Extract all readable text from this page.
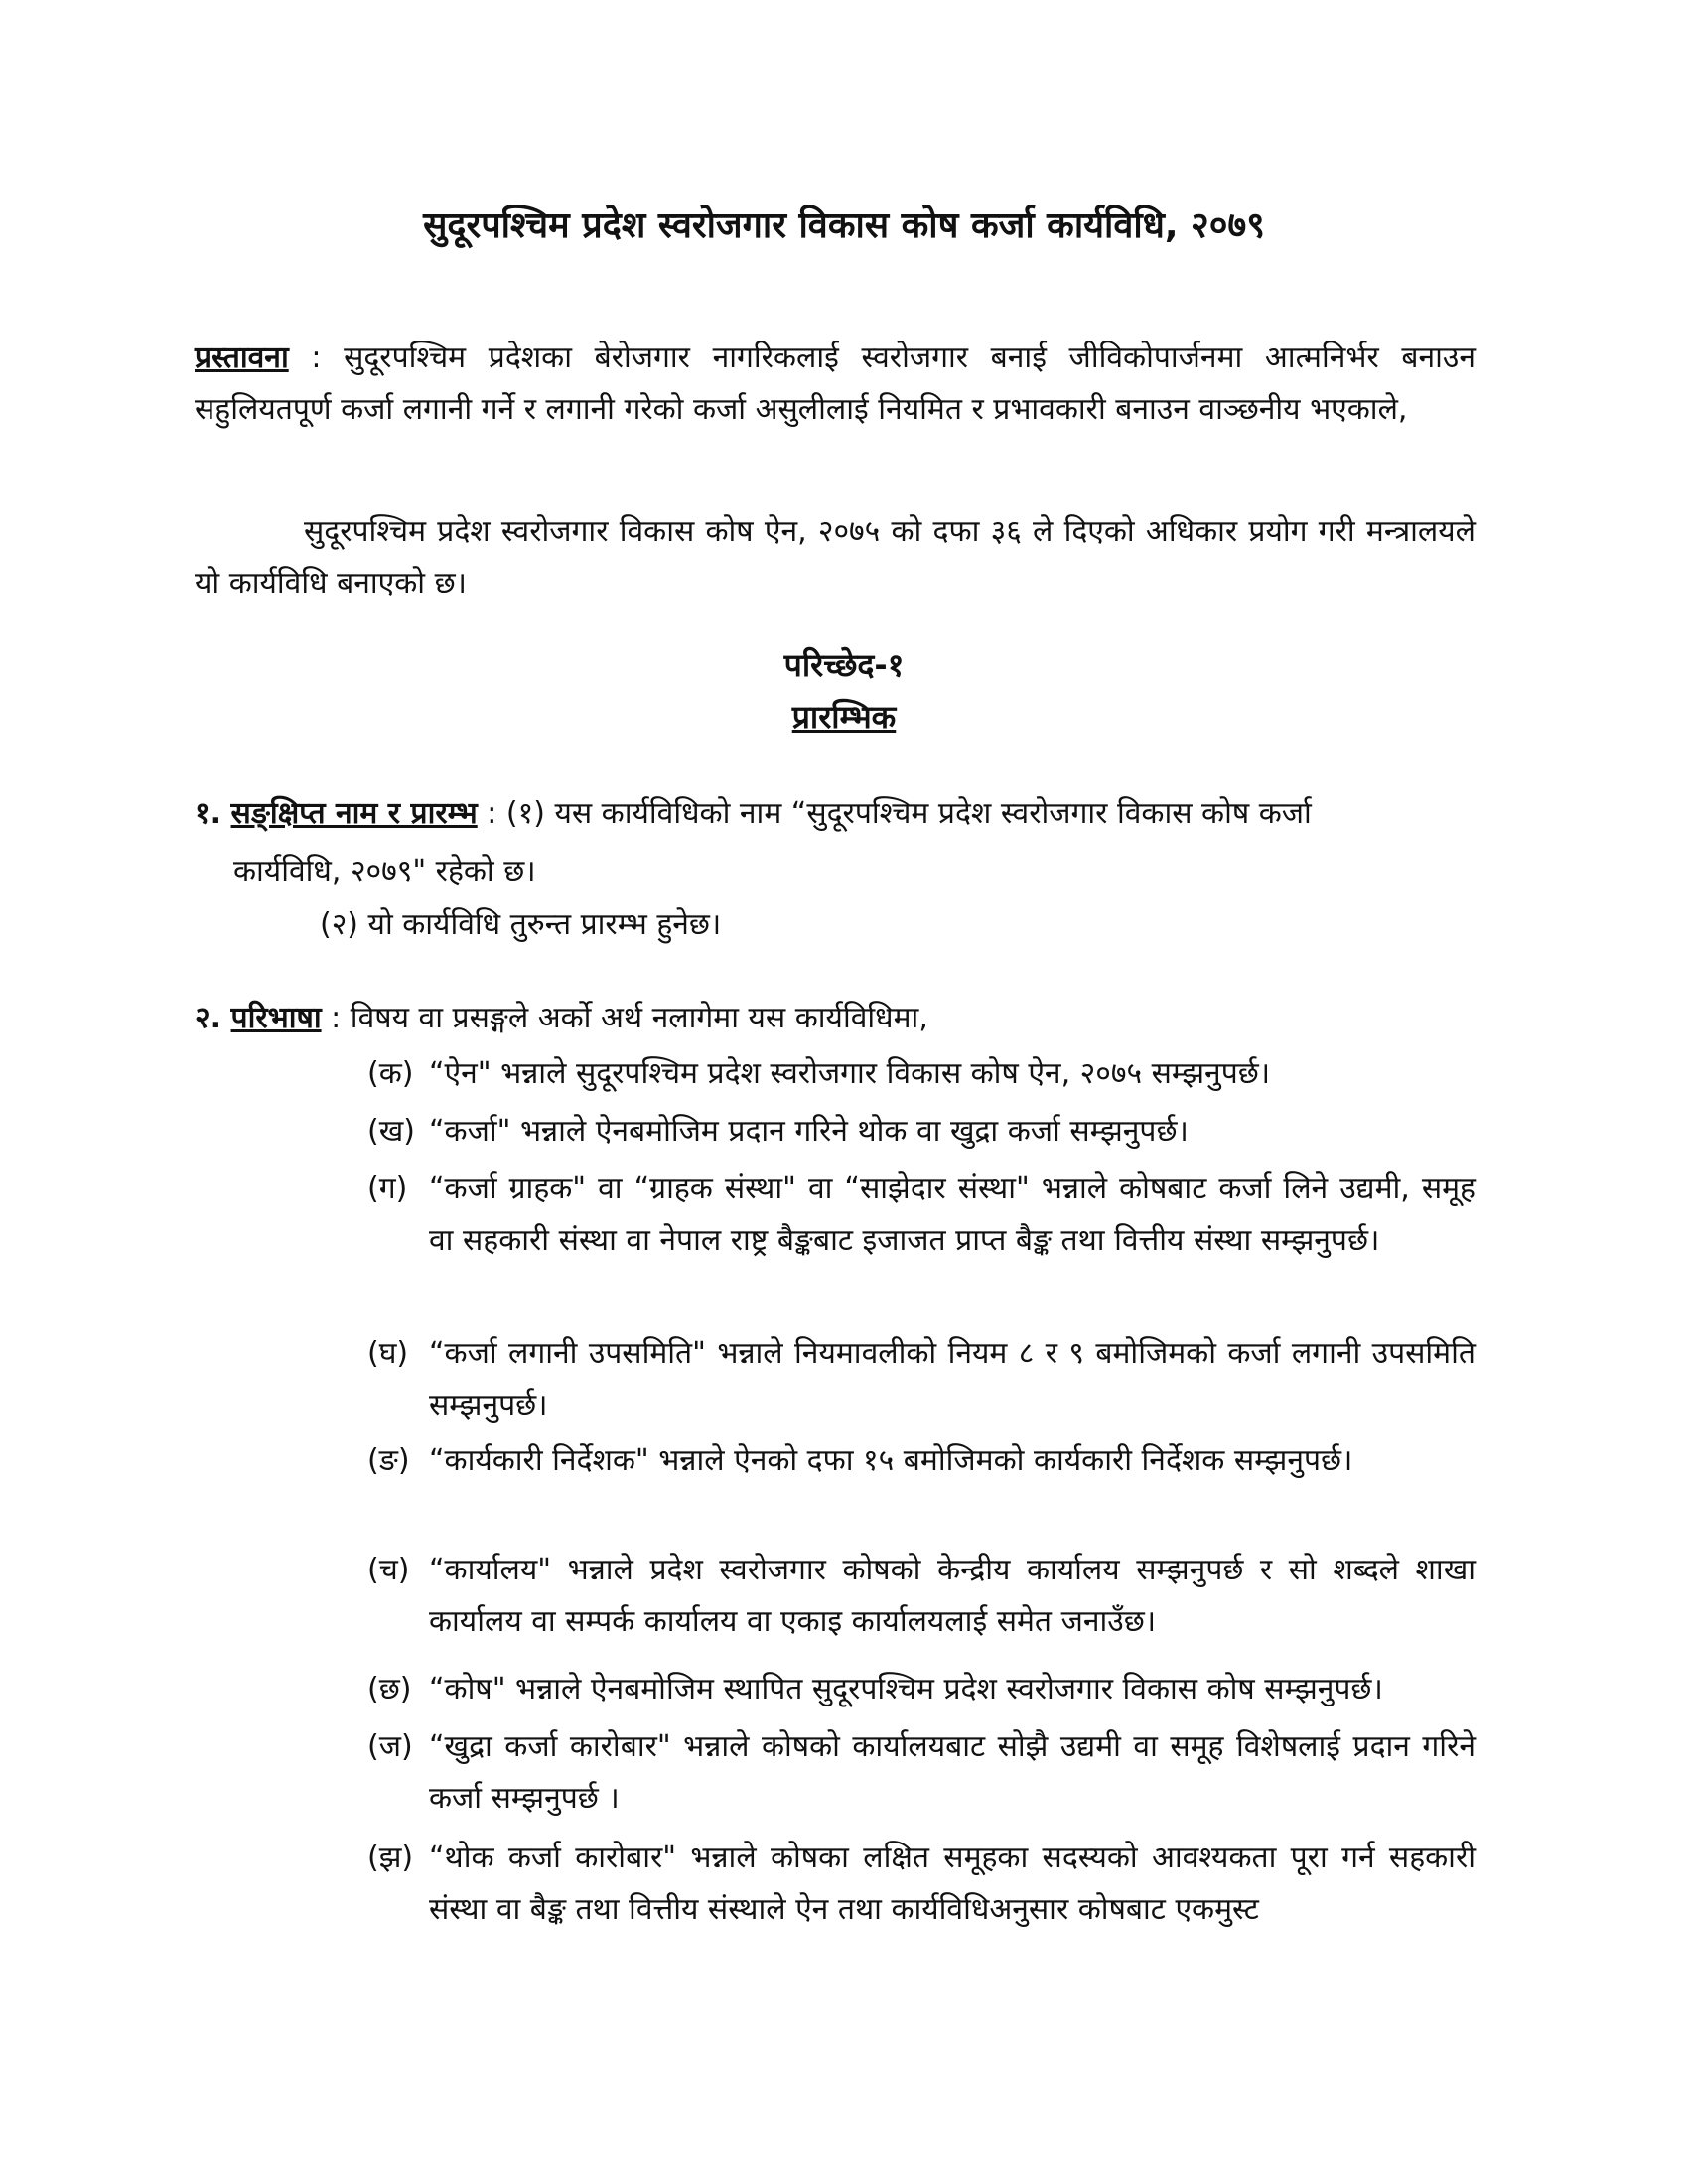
सुदूरपश्चिम प्रदेश स्वरोजगार विकास कोष कर्जा कार्यविधि, २०७९
प्रस्तावना : सुदूरपश्चिम प्रदेशका बेरोजगार नागरिकलाई स्वरोजगार बनाई जीविकोपार्जनमा आत्मनिर्भर बनाउन सहुलियतपूर्ण कर्जा लगानी गर्ने र लगानी गरेको कर्जा असुलीलाई नियमित र प्रभावकारी बनाउन वाञ्छनीय भएकाले,
सुदूरपश्चिम प्रदेश स्वरोजगार विकास कोष ऐन, २०७५ को दफा ३६ ले दिएको अधिकार प्रयोग गरी मन्त्रालयले यो कार्यविधि बनाएको छ।
परिच्छेद-१
प्रारम्भिक
१. सङ्क्षिप्त नाम र प्रारम्भ : (१) यस कार्यविधिको नाम “सुदूरपश्चिम प्रदेश स्वरोजगार विकास कोष कर्जा
कार्यविधि, २०७९" रहेको छ।
(२) यो कार्यविधि तुरुन्त प्रारम्भ हुनेछ।
२. परिभाषा : विषय वा प्रसङ्गले अर्को अर्थ नलागेमा यस कार्यविधिमा,
(क) “ऐन" भन्नाले सुदूरपश्चिम प्रदेश स्वरोजगार विकास कोष ऐन, २०७५ सम्झनुपर्छ।
(ख) “कर्जा" भन्नाले ऐनबमोजिम प्रदान गरिने थोक वा खुद्रा कर्जा सम्झनुपर्छ।
(ग) “कर्जा ग्राहक" वा “ग्राहक संस्था" वा “साझेदार संस्था" भन्नाले कोषबाट कर्जा लिने उद्यमी, समूह वा सहकारी संस्था वा नेपाल राष्ट्र बैङ्कबाट इजाजत प्राप्त बैङ्क तथा वित्तीय संस्था सम्झनुपर्छ।
(घ) “कर्जा लगानी उपसमिति" भन्नाले नियमावलीको नियम ८ र ९ बमोजिमको कर्जा लगानी उपसमिति सम्झनुपर्छ।
(ङ) “कार्यकारी निर्देशक" भन्नाले ऐनको दफा १५ बमोजिमको कार्यकारी निर्देशक सम्झनुपर्छ।
(च) “कार्यालय" भन्नाले प्रदेश स्वरोजगार कोषको केन्द्रीय कार्यालय सम्झनुपर्छ र सो शब्दले शाखा कार्यालय वा सम्पर्क कार्यालय वा एकाइ कार्यालयलाई समेत जनाउँछ।
(छ) “कोष" भन्नाले ऐनबमोजिम स्थापित सुदूरपश्चिम प्रदेश स्वरोजगार विकास कोष सम्झनुपर्छ।
(ज) “खुद्रा कर्जा कारोबार" भन्नाले कोषको कार्यालयबाट सोझै उद्यमी वा समूह विशेषलाई प्रदान गरिने कर्जा सम्झनुपर्छ ।
(झ) “थोक कर्जा कारोबार" भन्नाले कोषका लक्षित समूहका सदस्यको आवश्यकता पूरा गर्न सहकारी संस्था वा बैङ्क तथा वित्तीय संस्थाले ऐन तथा कार्यविधिअनुसार कोषबाट एकमुस्ट
